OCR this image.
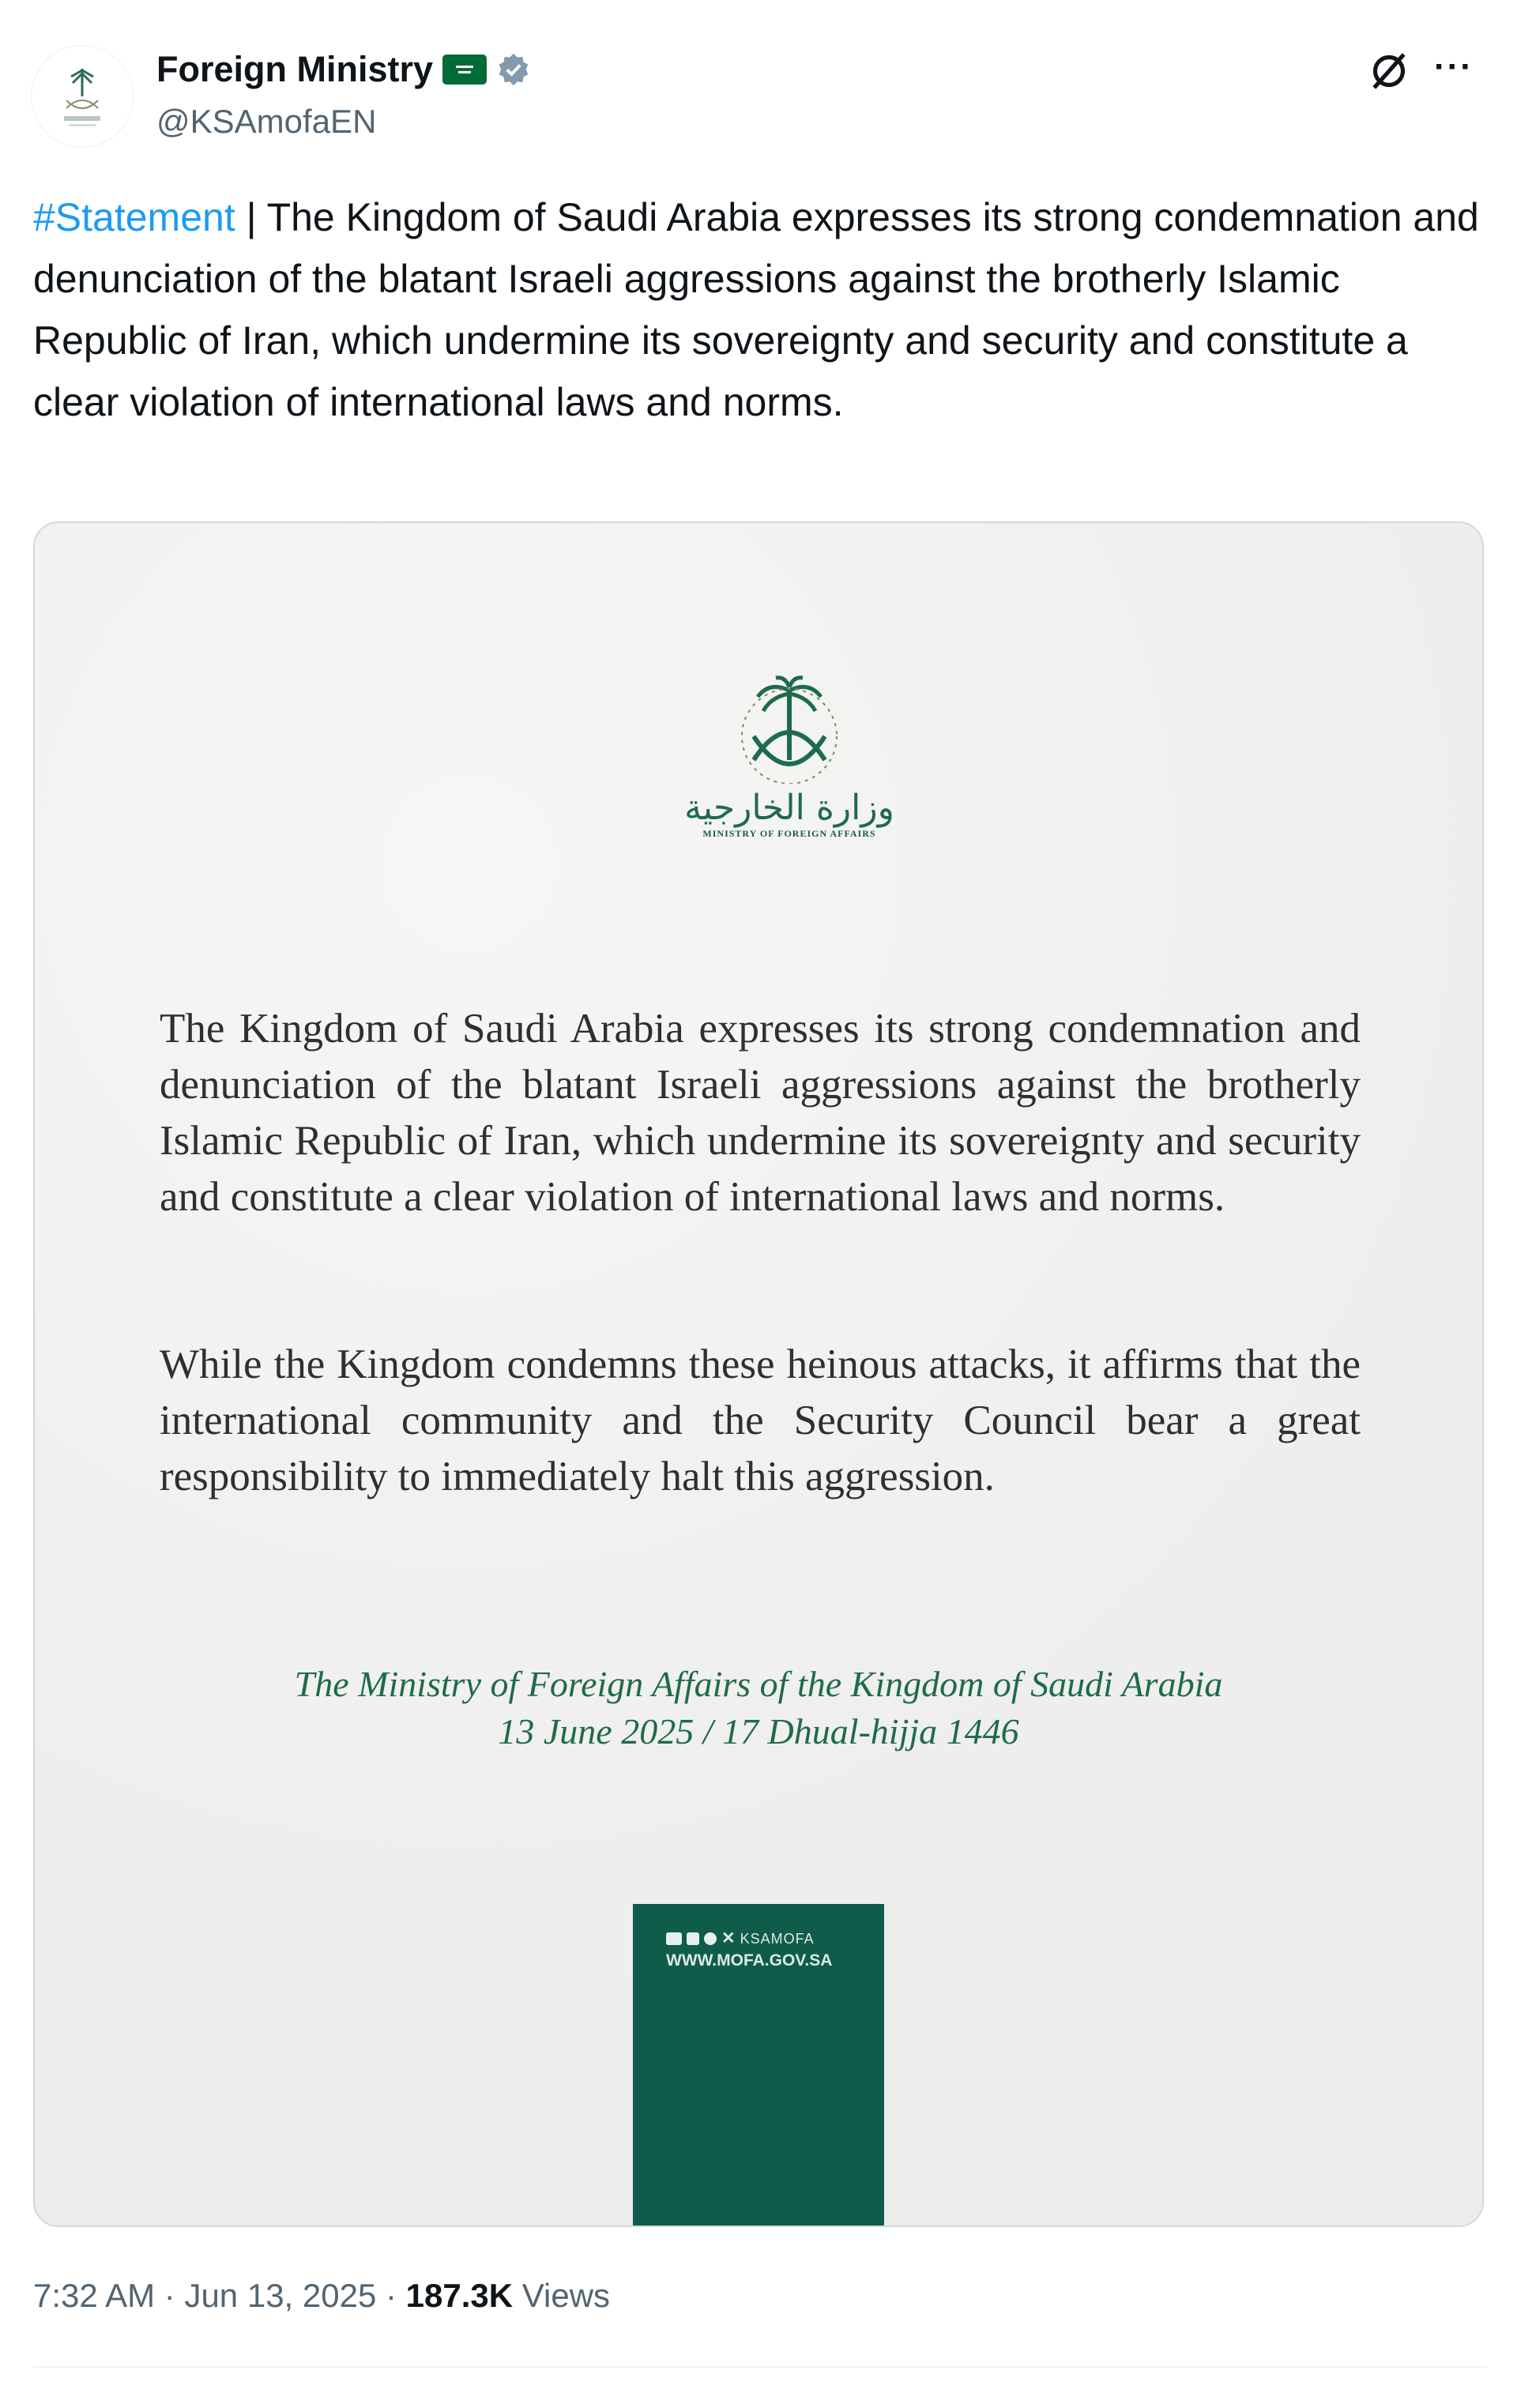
Foreign Ministry
@KSAmofaEN
···
#Statement | The Kingdom of Saudi Arabia expresses its strong condemnation and denunciation of the blatant Israeli aggressions against the brotherly Islamic Republic of Iran, which undermine its sovereignty and security and constitute a clear violation of international laws and norms.
وزارة الخارجية
MINISTRY OF FOREIGN AFFAIRS
The Kingdom of Saudi Arabia expresses its strong condemnation and denunciation of the blatant Israeli aggressions against the brotherly Islamic Republic of Iran, which undermine its sovereignty and security and constitute a clear violation of international laws and norms.
While the Kingdom condemns these heinous attacks, it affirms that the international community and the Security Council bear a great responsibility to immediately halt this aggression.
The Ministry of Foreign Affairs of the Kingdom of Saudi Arabia
13 June 2025 / 17 Dhual-hijja 1446
✕ KSAMOFA
WWW.MOFA.GOV.SA
7:32 AM · Jun 13, 2025 · 187.3K Views
